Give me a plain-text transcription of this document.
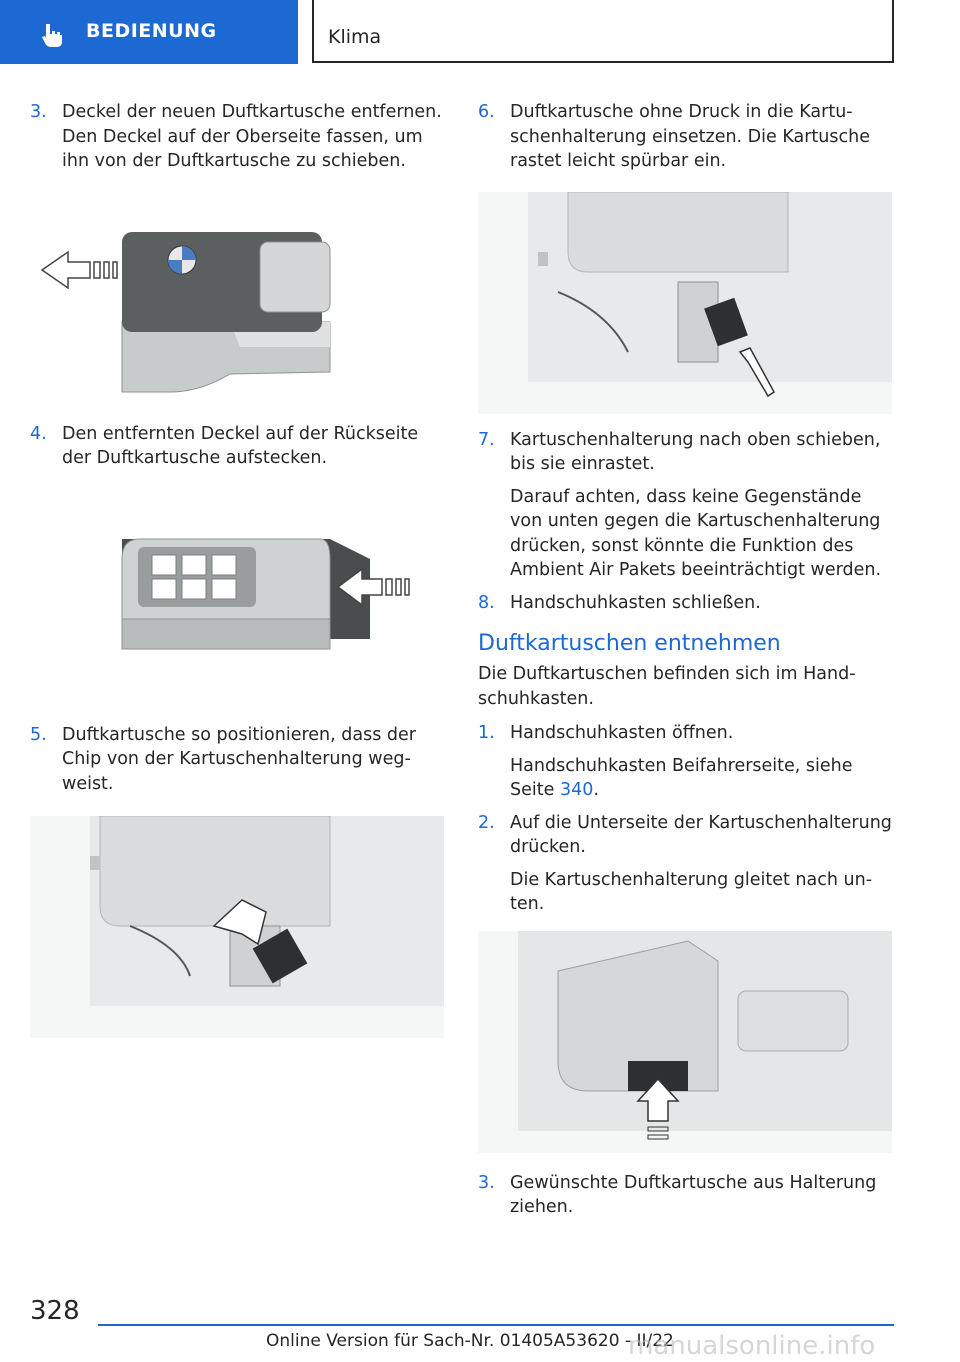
BEDIENUNG	Klima
3. Deckel der neuen Duftkartusche entfernen. Den Deckel auf der Oberseite fassen, um ihn von der Duftkartusche zu schieben.
4. Den entfernten Deckel auf der Rückseite der Duftkartusche aufstecken.
5. Duftkartusche so positionieren, dass der Chip von der Kartuschenhalterung wegweist.
6. Duftkartusche ohne Druck in die Kartuschenhalterung einsetzen. Die Kartusche rastet leicht spürbar ein.
7. Kartuschenhalterung nach oben schieben, bis sie einrastet.

Darauf achten, dass keine Gegenstände von unten gegen die Kartuschenhalterung drücken, sonst könnte die Funktion des Ambient Air Pakets beeinträchtigt werden.

8. Handschuhkasten schließen.
Duftkartuschen entnehmen

Die Duftkartuschen befinden sich im Handschuhkasten.

1. Handschuhkasten öffnen.

Handschuhkasten Beifahrerseite, siehe Seite 340.

2. Auf die Unterseite der Kartuschenhalterung drücken.

Die Kartuschenhalterung gleitet nach unten.

3. Gewünschte Duftkartusche aus Halterung ziehen.
328
Online Version für Sach-Nr. 01405A53620 - II/22
manualsonline.info
